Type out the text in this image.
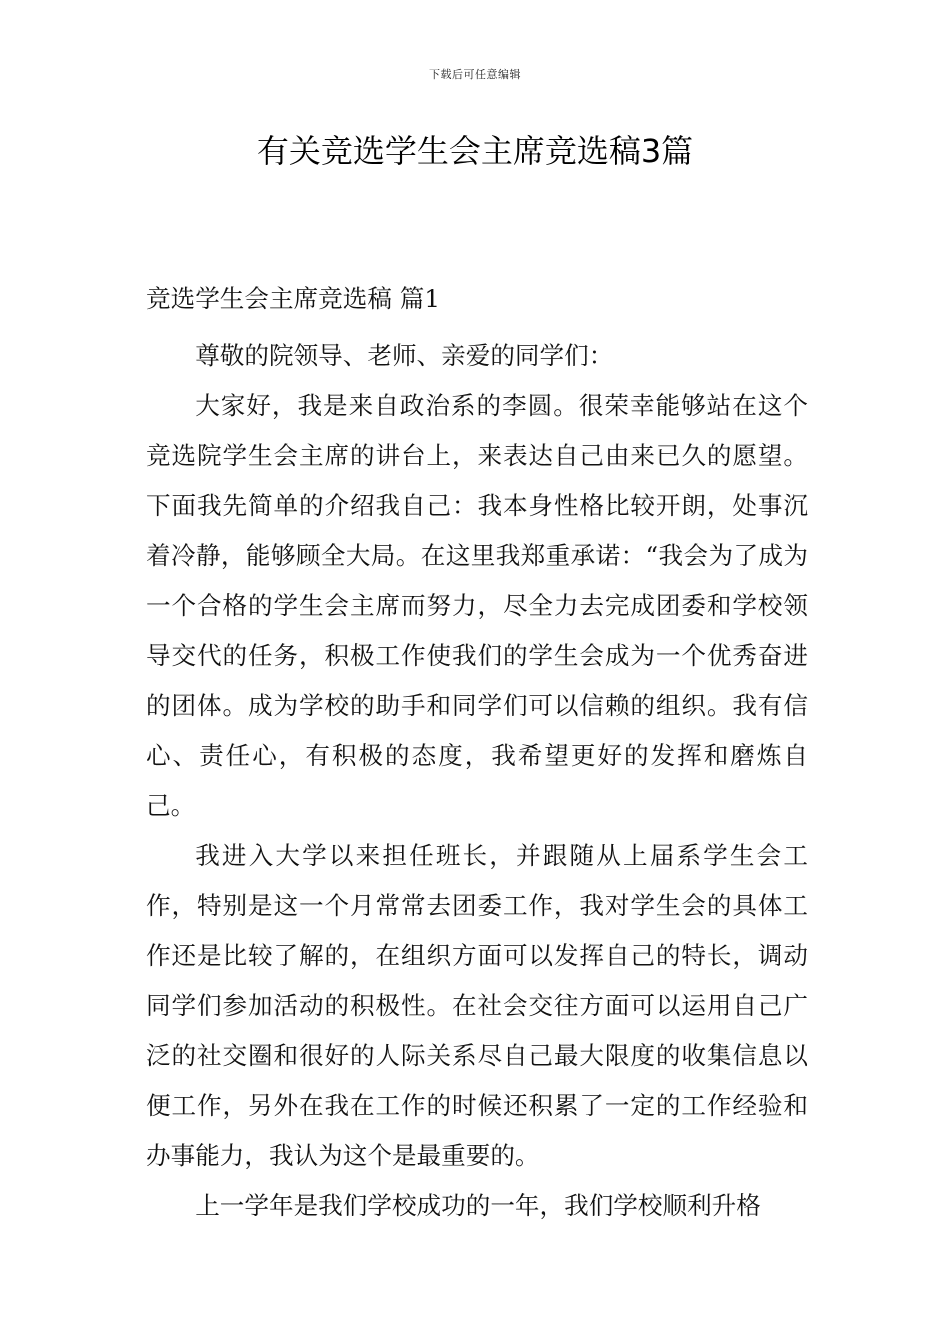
下载后可任意编辑
有关竞选学生会主席竞选稿3篇
竞选学生会主席竞选稿 篇1

尊敬的院领导、老师、亲爱的同学们：

大家好，我是来自政治系的李圆。很荣幸能够站在这个竞选院学生会主席的讲台上，来表达自己由来已久的愿望。下面我先简单的介绍我自己：我本身性格比较开朗，处事沉着冷静，能够顾全大局。在这里我郑重承诺：“我会为了成为一个合格的学生会主席而努力，尽全力去完成团委和学校领导交代的任务，积极工作使我们的学生会成为一个优秀奋进的团体。成为学校的助手和同学们可以信赖的组织。我有信心、责任心，有积极的态度，我希望更好的发挥和磨炼自己。

我进入大学以来担任班长，并跟随从上届系学生会工作，特别是这一个月常常去团委工作，我对学生会的具体工作还是比较了解的，在组织方面可以发挥自己的特长，调动同学们参加活动的积极性。在社会交往方面可以运用自己广泛的社交圈和很好的人际关系尽自己最大限度的收集信息以便工作，另外在我在工作的时候还积累了一定的工作经验和办事能力，我认为这个是最重要的。

上一学年是我们学校成功的一年，我们学校顺利升格
